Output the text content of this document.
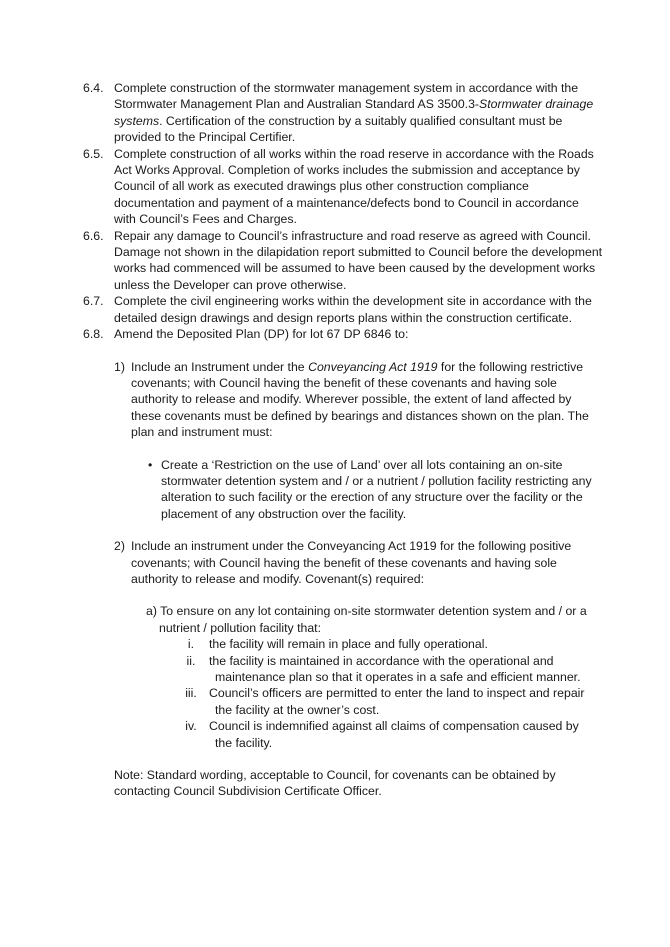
6.4. Complete construction of the stormwater management system in accordance with the Stormwater Management Plan and Australian Standard AS 3500.3-Stormwater drainage systems. Certification of the construction by a suitably qualified consultant must be provided to the Principal Certifier.
6.5. Complete construction of all works within the road reserve in accordance with the Roads Act Works Approval. Completion of works includes the submission and acceptance by Council of all work as executed drawings plus other construction compliance documentation and payment of a maintenance/defects bond to Council in accordance with Council’s Fees and Charges.
6.6. Repair any damage to Council’s infrastructure and road reserve as agreed with Council. Damage not shown in the dilapidation report submitted to Council before the development works had commenced will be assumed to have been caused by the development works unless the Developer can prove otherwise.
6.7. Complete the civil engineering works within the development site in accordance with the detailed design drawings and design reports plans within the construction certificate.
6.8. Amend the Deposited Plan (DP) for lot 67 DP 6846 to:
1) Include an Instrument under the Conveyancing Act 1919 for the following restrictive covenants; with Council having the benefit of these covenants and having sole authority to release and modify. Wherever possible, the extent of land affected by these covenants must be defined by bearings and distances shown on the plan. The plan and instrument must:
• Create a ‘Restriction on the use of Land’ over all lots containing an on-site stormwater detention system and / or a nutrient / pollution facility restricting any alteration to such facility or the erection of any structure over the facility or the placement of any obstruction over the facility.
2) Include an instrument under the Conveyancing Act 1919 for the following positive covenants; with Council having the benefit of these covenants and having sole authority to release and modify. Covenant(s) required:
a) To ensure on any lot containing on-site stormwater detention system and / or a
nutrient / pollution facility that:
i.	the facility will remain in place and fully operational.
ii.	the facility is maintained in accordance with the operational and
maintenance plan so that it operates in a safe and efficient manner.
iii. Council’s officers are permitted to enter the land to inspect and repair
the facility at the owner’s cost.
iv.	Council is indemnified against all claims of compensation caused by
the facility.
Note: Standard wording, acceptable to Council, for covenants can be obtained by contacting Council Subdivision Certificate Officer.
